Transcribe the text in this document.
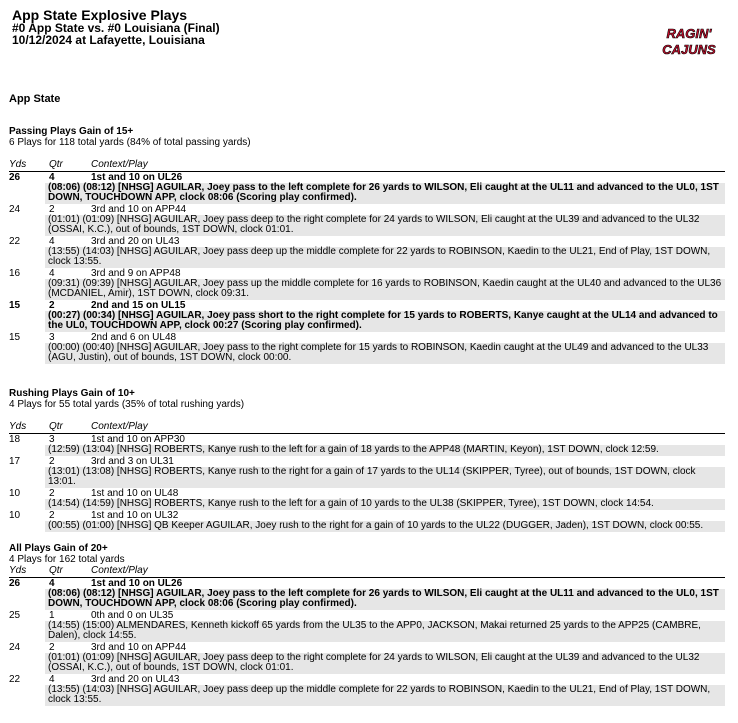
App State Explosive Plays
#0 App State vs. #0 Louisiana (Final)
10/12/2024 at Lafayette, Louisiana	RAGIN'
CAJUNS
App State
Passing Plays Gain of 15+
6 Plays for 118 total yards (84% of total passing yards)
Yds Qtr	Context/Play
26	4	1st and 10 on UL26
(08:06) (08:12) [NHSG] AGUILAR, Joey pass to the left complete for 26 yards to WILSON, Eli caught at the UL11 and advanced to the UL0, 1ST DOWN, TOUCHDOWN APP, clock 08:06 (Scoring play confirmed).
24	2	3rd and 10 on APP44
(01:01) (01:09) [NHSG] AGUILAR, Joey pass deep to the right complete for 24 yards to WILSON, Eli caught at the UL39 and advanced to the UL32 (OSSAI, K.C.), out of bounds, 1ST DOWN, clock 01:01.
22	4	3rd and 20 on UL43
(13:55) (14:03) [NHSG] AGUILAR, Joey pass deep up the middle complete for 22 yards to ROBINSON, Kaedin to the UL21, End of Play, 1ST DOWN, clock 13:55.
16	4	3rd and 9 on APP48
(09:31) (09:39) [NHSG] AGUILAR, Joey pass up the middle complete for 16 yards to ROBINSON, Kaedin caught at the UL40 and advanced to the UL36 (MCDANIEL, Amir), 1ST DOWN, clock 09:31.
15	2	2nd and 15 on UL15
(00:27) (00:34) [NHSG] AGUILAR, Joey pass short to the right complete for 15 yards to ROBERTS, Kanye caught at the UL14 and advanced to the UL0, TOUCHDOWN APP, clock 00:27 (Scoring play confirmed).
15	3	2nd and 6 on UL48
(00:00) (00:40) [NHSG] AGUILAR, Joey pass to the right complete for 15 yards to ROBINSON, Kaedin caught at the UL49 and advanced to the UL33 (AGU, Justin), out of bounds, 1ST DOWN, clock 00:00.
Rushing Plays Gain of 10+
4 Plays for 55 total yards (35% of total rushing yards)
Yds Qtr	Context/Play
18	3	1st and 10 on APP30
(12:59) (13:04) [NHSG] ROBERTS, Kanye rush to the left for a gain of 18 yards to the APP48 (MARTIN, Keyon), 1ST DOWN, clock 12:59.
17	2	3rd and 3 on UL31
(13:01) (13:08) [NHSG] ROBERTS, Kanye rush to the right for a gain of 17 yards to the UL14 (SKIPPER, Tyree), out of bounds, 1ST DOWN, clock 13:01.
10	2	1st and 10 on UL48
(14:54) (14:59) [NHSG] ROBERTS, Kanye rush to the left for a gain of 10 yards to the UL38 (SKIPPER, Tyree), 1ST DOWN, clock 14:54.
10	2	1st and 10 on UL32
(00:55) (01:00) [NHSG] QB Keeper AGUILAR, Joey rush to the right for a gain of 10 yards to the UL22 (DUGGER, Jaden), 1ST DOWN, clock 00:55.
All Plays Gain of 20+
4 Plays for 162 total yards
Yds Qtr	Context/Play
26	4	1st and 10 on UL26
(08:06) (08:12) [NHSG] AGUILAR, Joey pass to the left complete for 26 yards to WILSON, Eli caught at the UL11 and advanced to the UL0, 1ST DOWN, TOUCHDOWN APP, clock 08:06 (Scoring play confirmed).
25	1	0th and 0 on UL35
(14:55) (15:00) ALMENDARES, Kenneth kickoff 65 yards from the UL35 to the APP0, JACKSON, Makai returned 25 yards to the APP25 (CAMBRE, Dalen), clock 14:55.
24	2	3rd and 10 on APP44
(01:01) (01:09) [NHSG] AGUILAR, Joey pass deep to the right complete for 24 yards to WILSON, Eli caught at the UL39 and advanced to the UL32 (OSSAI, K.C.), out of bounds, 1ST DOWN, clock 01:01.
22	4	3rd and 20 on UL43
(13:55) (14:03) [NHSG] AGUILAR, Joey pass deep up the middle complete for 22 yards to ROBINSON, Kaedin to the UL21, End of Play, 1ST DOWN, clock 13:55.
